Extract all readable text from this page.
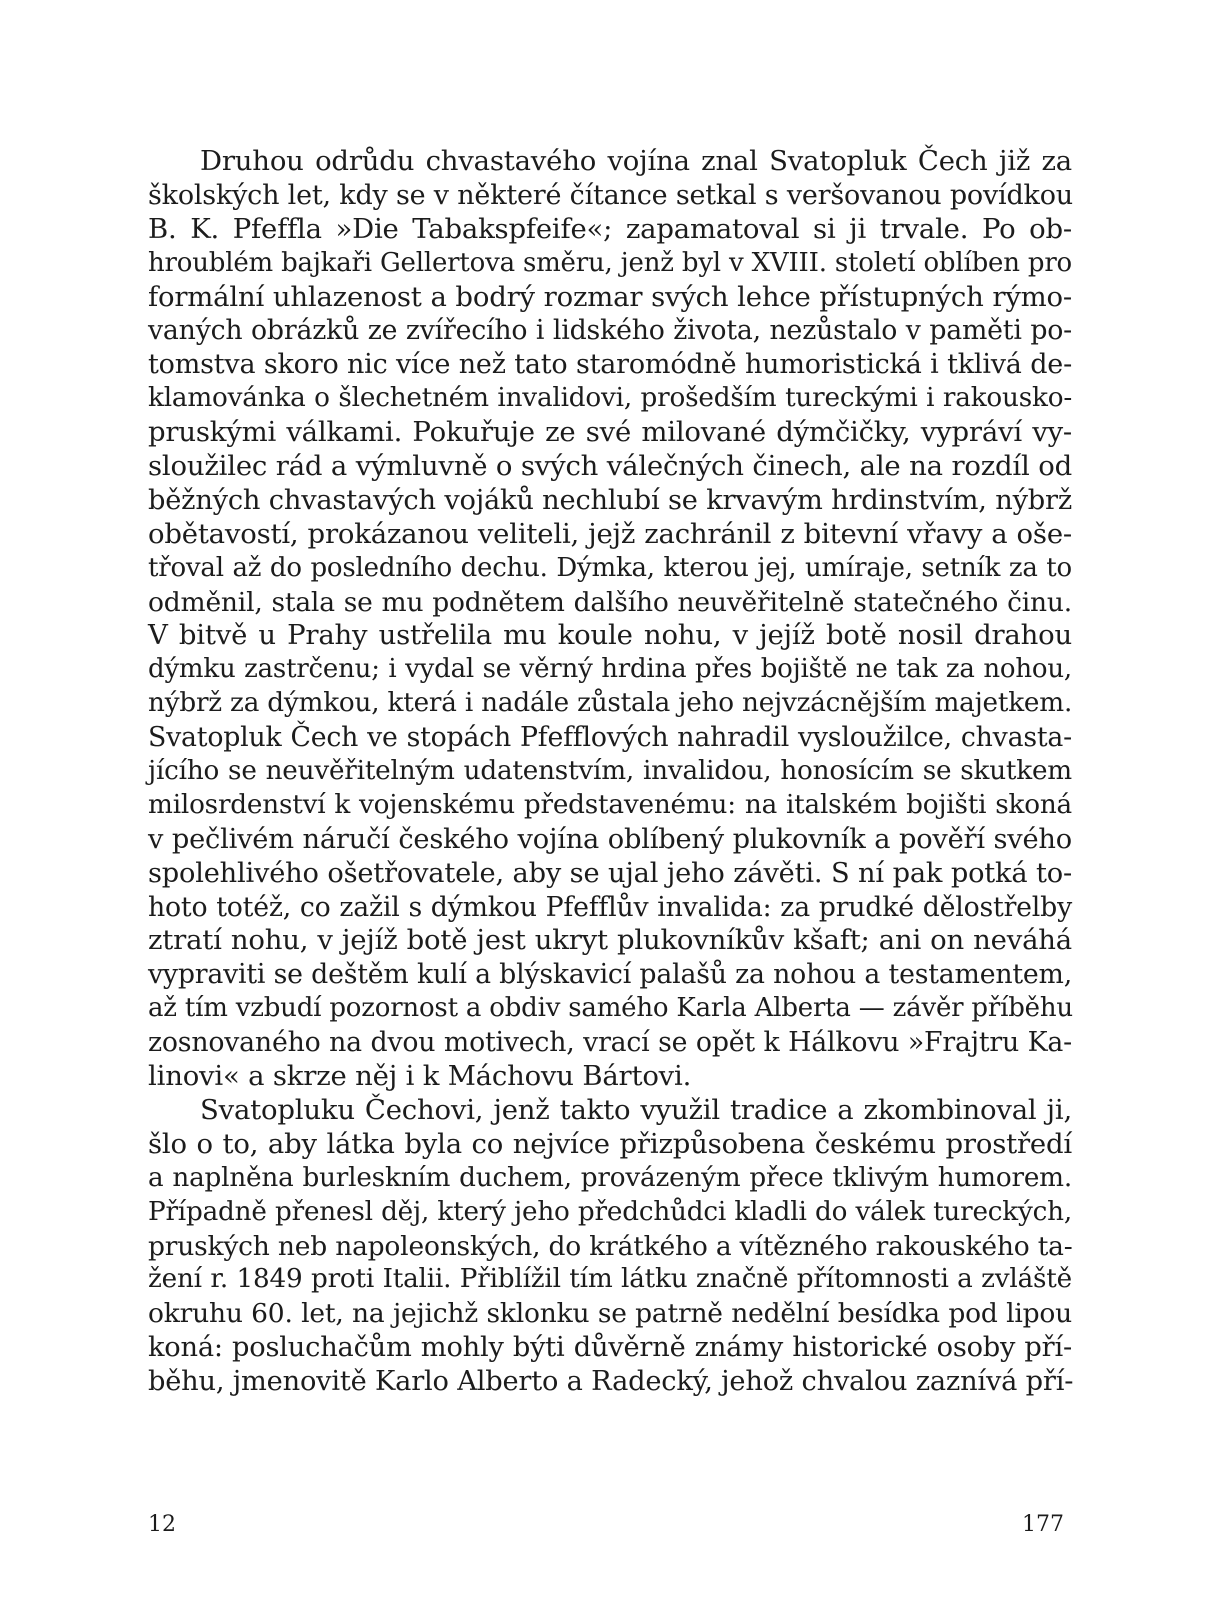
Druhou odrůdu chvastavého vojína znal Svatopluk Čech již za
školských let, kdy se v některé čítance setkal s veršovanou povídkou
B. K. Pfeffla »Die Tabakspfeife«; zapamatoval si ji trvale. Po ob-
hroublém bajkaři Gellertova směru, jenž byl v XVIII. století oblíben pro
formální uhlazenost a bodrý rozmar svých lehce přístupných rýmo-
vaných obrázků ze zvířecího i lidského života, nezůstalo v paměti po-
tomstva skoro nic více než tato staromódně humoristická i tklivá de-
klamovánka o šlechetném invalidovi, prošedším tureckými i rakousko-
pruskými válkami. Pokuřuje ze své milované dýmčičky, vypráví vy-
sloužilec rád a výmluvně o svých válečných činech, ale na rozdíl od
běžných chvastavých vojáků nechlubí se krvavým hrdinstvím, nýbrž
obětavostí, prokázanou veliteli, jejž zachránil z bitevní vřavy a oše-
třoval až do posledního dechu. Dýmka, kterou jej, umíraje, setník za to
odměnil, stala se mu podnětem dalšího neuvěřitelně statečného činu.
V bitvě u Prahy ustřelila mu koule nohu, v jejíž botě nosil drahou
dýmku zastrčenu; i vydal se věrný hrdina přes bojiště ne tak za nohou,
nýbrž za dýmkou, která i nadále zůstala jeho nejvzácnějším majetkem.
Svatopluk Čech ve stopách Pfefflových nahradil vysloužilce, chvasta-
jícího se neuvěřitelným udatenstvím, invalidou, honosícím se skutkem
milosrdenství k vojenskému představenému: na italském bojišti skoná
v pečlivém náručí českého vojína oblíbený plukovník a pověří svého
spolehlivého ošetřovatele, aby se ujal jeho závěti. S ní pak potká to-
hoto totéž, co zažil s dýmkou Pfefflův invalida: za prudké dělostřelby
ztratí nohu, v jejíž botě jest ukryt plukovníkův kšaft; ani on neváhá
vypraviti se deštěm kulí a blýskavicí palašů za nohou a testamentem,
až tím vzbudí pozornost a obdiv samého Karla Alberta — závěr příběhu
zosnovaného na dvou motivech, vrací se opět k Hálkovu »Frajtru Ka-
linovi« a skrze něj i k Máchovu Bártovi.
Svatopluku Čechovi, jenž takto využil tradice a zkombinoval ji,
šlo o to, aby látka byla co nejvíce přizpůsobena českému prostředí
a naplněna burleskním duchem, provázeným přece tklivým humorem.
Případně přenesl děj, který jeho předchůdci kladli do válek tureckých,
pruských neb napoleonských, do krátkého a vítězného rakouského ta-
žení r. 1849 proti Italii. Přiblížil tím látku značně přítomnosti a zvláště
okruhu 60. let, na jejichž sklonku se patrně nedělní besídka pod lipou
koná: posluchačům mohly býti důvěrně známy historické osoby pří-
běhu, jmenovitě Karlo Alberto a Radecký, jehož chvalou zaznívá pří-
12	177
